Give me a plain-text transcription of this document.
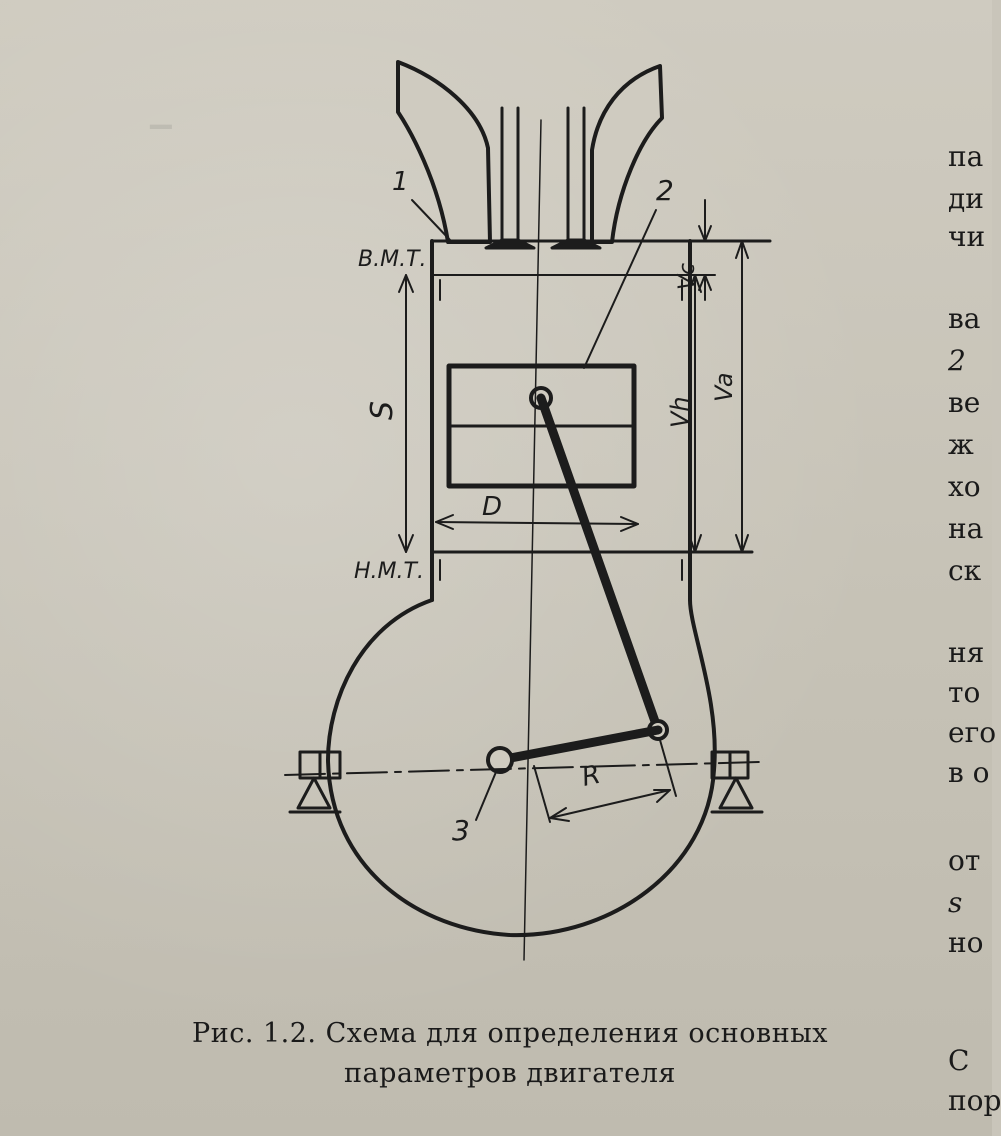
▁
1	2
3
В.М.Т.
Н.М.Т.
S
D
R
Vc
Vh
Va
Рис. 1.2. Схема для определения основных
параметров двигателя
па
ди
чи
ва
2
ве
ж
хо
на
ск
ня
то
его
в о
от
s
но
С
пор
